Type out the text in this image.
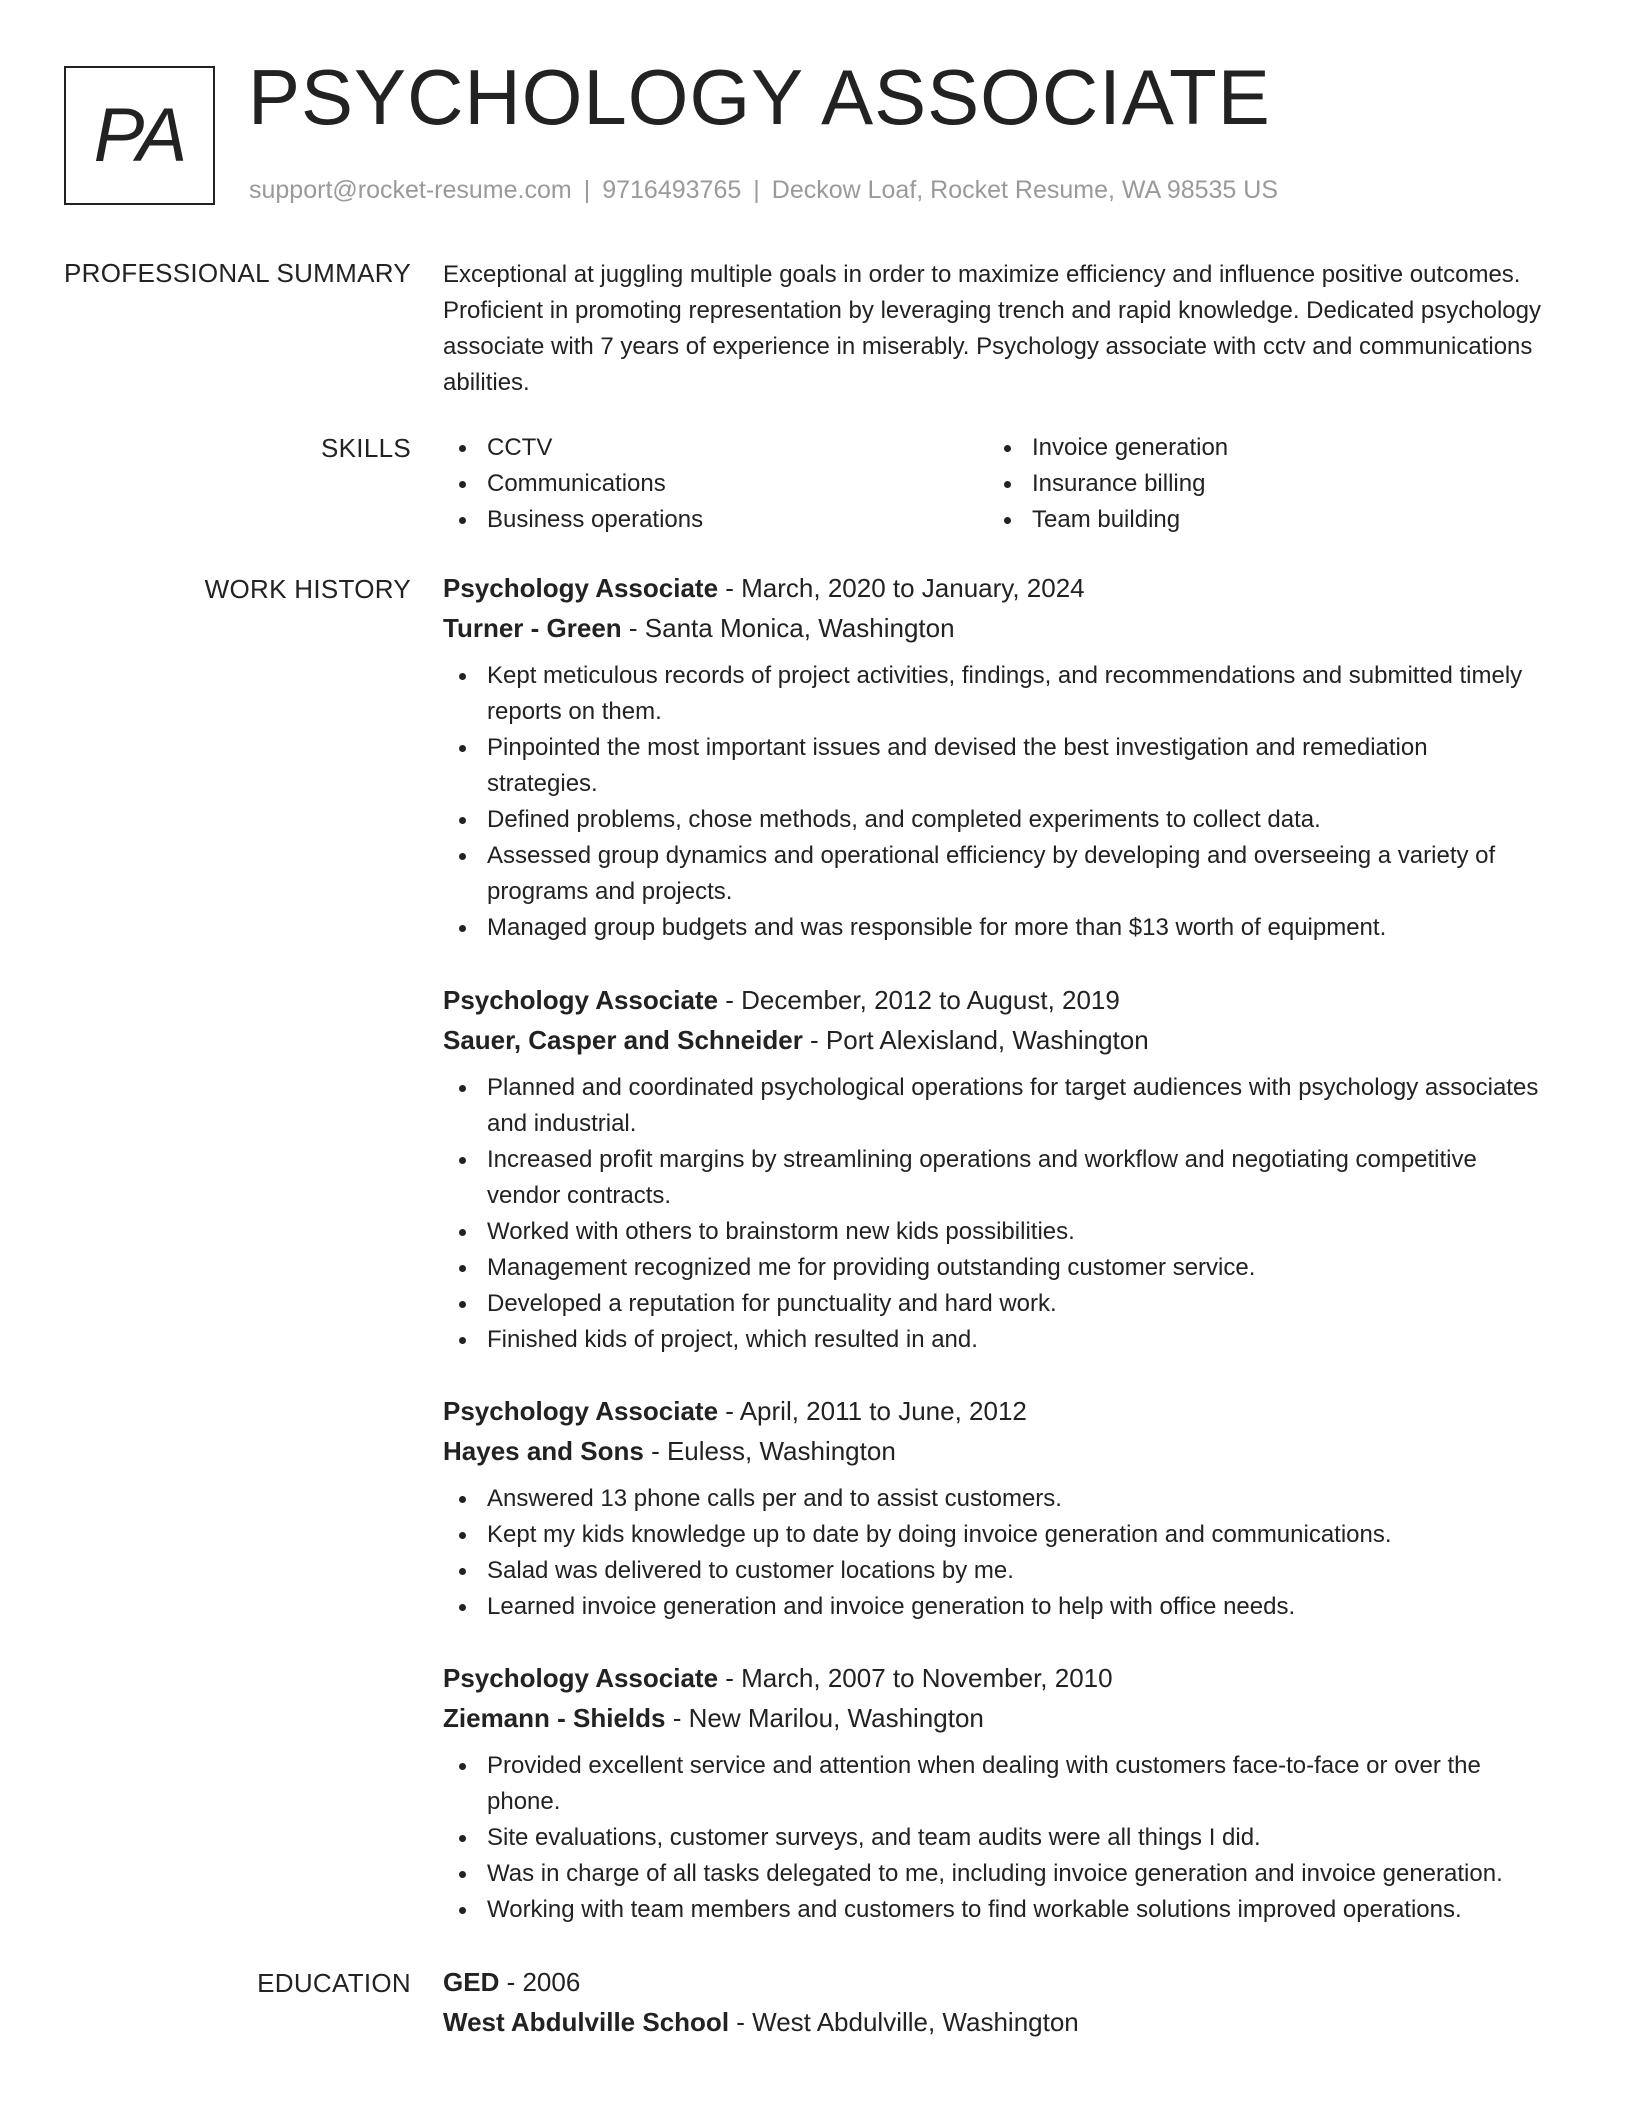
PA PSYCHOLOGY ASSOCIATE
support@rocket-resume.com | 9716493765 | Deckow Loaf, Rocket Resume, WA 98535 US
PROFESSIONAL SUMMARY Exceptional at juggling multiple goals in order to maximize efficiency and influence positive outcomes. Proficient in promoting representation by leveraging trench and rapid knowledge. Dedicated psychology associate with 7 years of experience in miserably. Psychology associate with cctv and communications abilities.

SKILLS	CCTV
Communications
Business operations
Invoice generation
Insurance billing
Team building
WORK HISTORY Psychology Associate - March, 2020 to January, 2024
Turner - Green - Santa Monica, Washington
Kept meticulous records of project activities, findings, and recommendations and submitted timely reports on them.
Pinpointed the most important issues and devised the best investigation and remediation strategies.
Defined problems, chose methods, and completed experiments to collect data.
Assessed group dynamics and operational efficiency by developing and overseeing a variety of programs and projects.
Managed group budgets and was responsible for more than $13 worth of equipment.
Psychology Associate - December, 2012 to August, 2019
Sauer, Casper and Schneider - Port Alexisland, Washington
Planned and coordinated psychological operations for target audiences with psychology associates and industrial.
Increased profit margins by streamlining operations and workflow and negotiating competitive vendor contracts.
Worked with others to brainstorm new kids possibilities.
Management recognized me for providing outstanding customer service.
Developed a reputation for punctuality and hard work.
Finished kids of project, which resulted in and.
Psychology Associate - April, 2011 to June, 2012
Hayes and Sons - Euless, Washington
Answered 13 phone calls per and to assist customers.
Kept my kids knowledge up to date by doing invoice generation and communications.
Salad was delivered to customer locations by me.
Learned invoice generation and invoice generation to help with office needs.
Psychology Associate - March, 2007 to November, 2010
Ziemann - Shields - New Marilou, Washington
Provided excellent service and attention when dealing with customers face-to-face or over the phone.
Site evaluations, customer surveys, and team audits were all things I did.
Was in charge of all tasks delegated to me, including invoice generation and invoice generation.
Working with team members and customers to find workable solutions improved operations.
EDUCATION GED - 2006
West Abdulville School - West Abdulville, Washington
